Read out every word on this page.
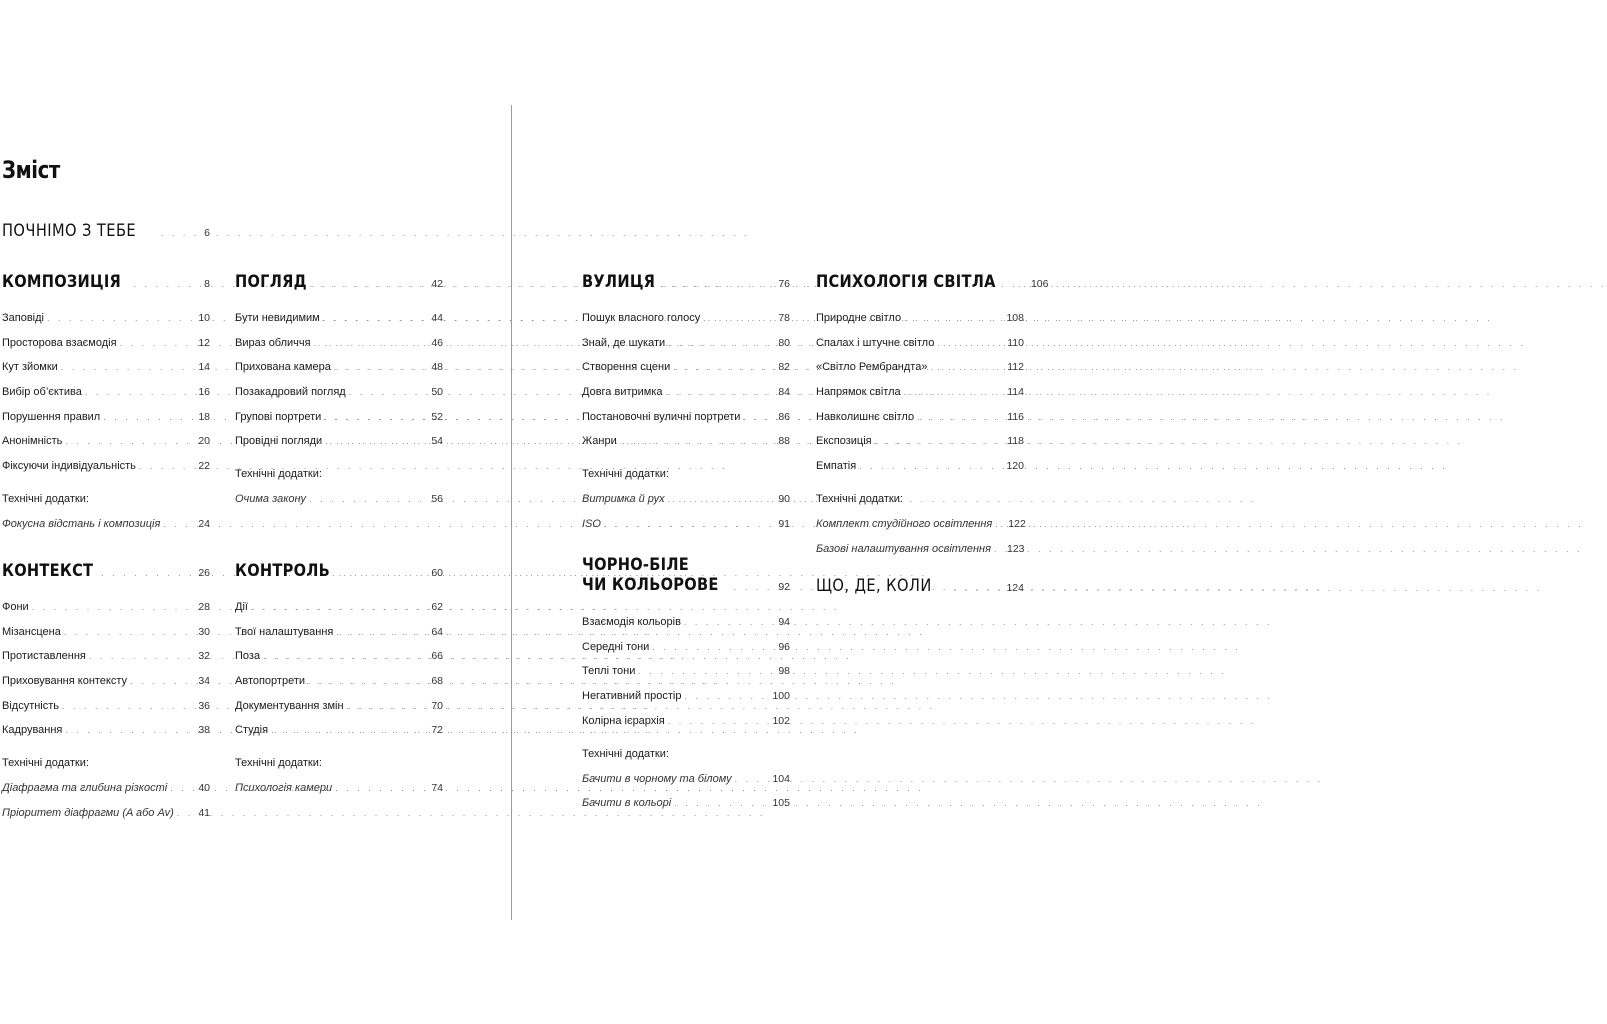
Зміст
ПОЧНІМО З ТЕБЕ . . .	6
КОМПОЗИЦІЯ . . .	8
Заповіді . . .	10
Просторова взаємодія . . .	12
Кут зйомки . . .	14
Вибір об’єктива . . .	16
Порушення правил . . .	18
Анонімність . . .	20
Фіксуючи індивідуальність . . .	22
Технічні додатки:
Фокусна відстань і композиція . . .	24
КОНТЕКСТ . . .	26
Фони . . .	28
Мізансцена . . .	30
Протиставлення . . .	32
Приховування контексту . . .	34
Відсутність . . .	36
Кадрування . . .	38
Технічні додатки:
Діафрагма та глибина різкості . . .	40
Пріоритет діафрагми (A або Av) . . . 41
ПОГЛЯД . . .	42
Бути невидимим . . .	44
Вираз обличчя . . .	46
Прихована камера . . .	48
Позакадровий погляд . . .	50
Групові портрети . . .	52
Провідні погляди . . .	54
Технічні додатки:
Очима закону . . .	56
КОНТРОЛЬ . . .	60
Дії . . .	62
Твої налаштування . . .	64
Поза . . .	66
Автопортрети . . .	68
Документування змін . . .	70
Студія . . .	72
Технічні додатки:
Психологія камери . . .	74
ВУЛИЦЯ . . .	76
Пошук власного голосу . . .	78
Знай, де шукати . . .	80
Створення сцени . . .	82
Довга витримка . . .	84
Постановочні вуличні портрети . . .	86
Жанри . . .	88
Технічні додатки:
Витримка й рух . . .	90
ISO . . .	91
ЧОРНО-БІЛЕ
ЧИ КОЛЬОРОВЕ . . .	92
Взаємодія кольорів . . .	94
Середні тони . . .	96
Теплі тони . . .	98
Негативний простір . . .	100
Колірна ієрархія . . .	102
Технічні додатки:
Бачити в чорному та білому . . .	104
Бачити в кольорі . . .	105
ПСИХОЛОГІЯ СВІТЛА . . .	106
Природне світло . . .	108
Спалах і штучне світло . . .	110
«Світло Рембрандта» . . .	112
Напрямок світла . . .	114
Навколишнє світло . . .	116
Експозиція . . .	118
Емпатія . . .	120
Технічні додатки:
Комплект студійного освітлення . . . 122
Базові налаштування освітлення . . . 123
ЩО, ДЕ, КОЛИ . . .	124
